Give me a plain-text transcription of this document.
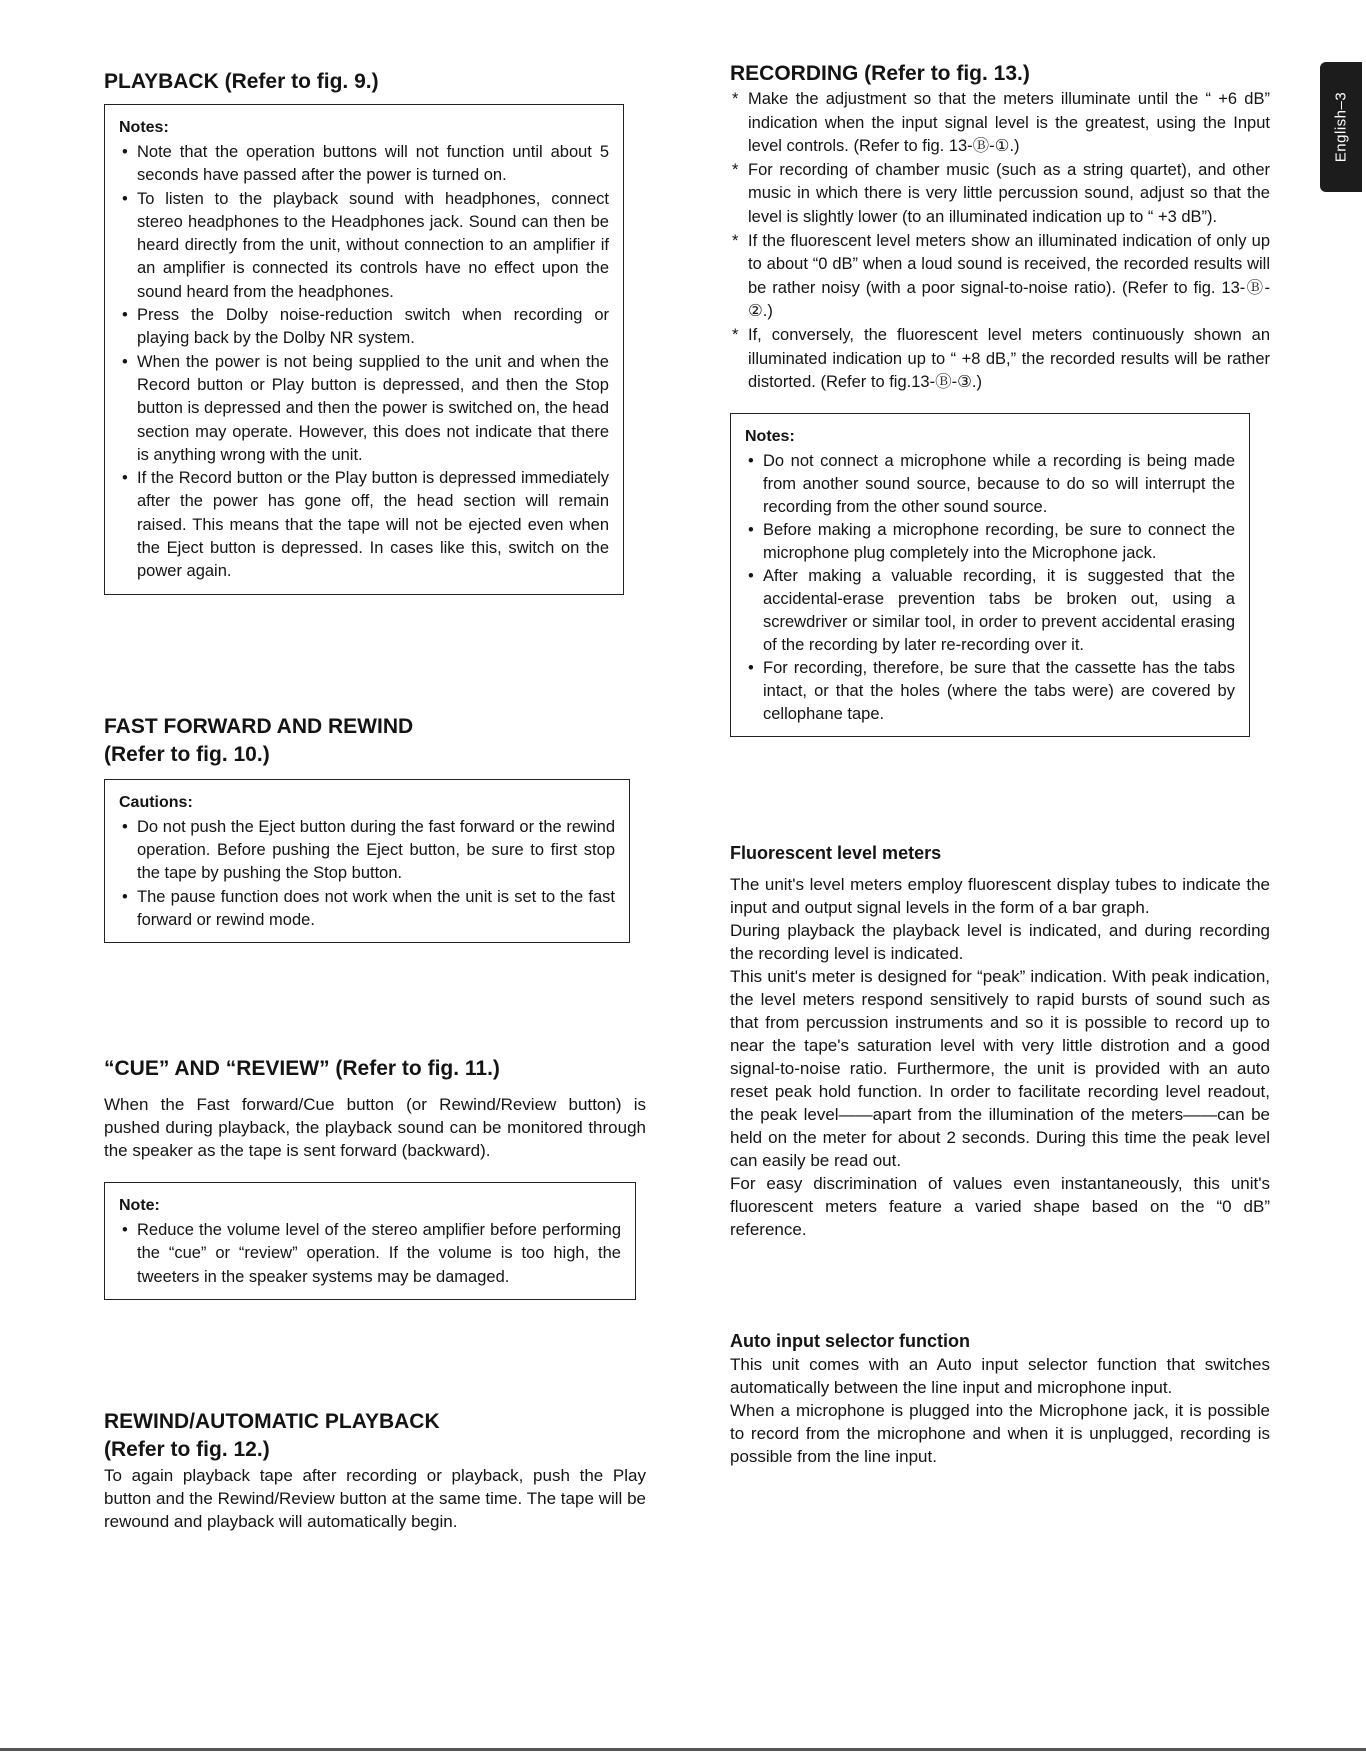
English–3
PLAYBACK (Refer to fig. 9.)
Notes:
• Note that the operation buttons will not function until about 5 seconds have passed after the power is turned on.
• To listen to the playback sound with headphones, connect stereo headphones to the Headphones jack. Sound can then be heard directly from the unit, without connection to an amplifier if an amplifier is connected its controls have no effect upon the sound heard from the headphones.
• Press the Dolby noise-reduction switch when recording or playing back by the Dolby NR system.
• When the power is not being supplied to the unit and when the Record button or Play button is depressed, and then the Stop button is depressed and then the power is switched on, the head section may operate. However, this does not indicate that there is anything wrong with the unit.
• If the Record button or the Play button is depressed immediately after the power has gone off, the head section will remain raised. This means that the tape will not be ejected even when the Eject button is depressed. In cases like this, switch on the power again.
FAST FORWARD AND REWIND
(Refer to fig. 10.)
Cautions:
• Do not push the Eject button during the fast forward or the rewind operation. Before pushing the Eject button, be sure to first stop the tape by pushing the Stop button.
• The pause function does not work when the unit is set to the fast forward or rewind mode.
“CUE” AND “REVIEW” (Refer to fig. 11.)

When the Fast forward/Cue button (or Rewind/Review button) is pushed during playback, the playback sound can be monitored through the speaker as the tape is sent forward (backward).

Note:
• Reduce the volume level of the stereo amplifier before performing the “cue” or “review” operation. If the volume is too high, the tweeters in the speaker systems may be damaged.
REWIND/AUTOMATIC PLAYBACK
(Refer to fig. 12.)

To again playback tape after recording or playback, push the Play button and the Rewind/Review button at the same time. The tape will be rewound and playback will automatically begin.

RECORDING (Refer to fig. 13.)
* Make the adjustment so that the meters illuminate until the “ +6 dB” indication when the input signal level is the greatest, using the Input level controls. (Refer to fig. 13-Ⓑ-①.)
* For recording of chamber music (such as a string quartet), and other music in which there is very little percussion sound, adjust so that the level is slightly lower (to an illuminated indication up to “ +3 dB”).
* If the fluorescent level meters show an illuminated indication of only up to about “0 dB” when a loud sound is received, the recorded results will be rather noisy (with a poor signal-to-noise ratio). (Refer to fig. 13-Ⓑ-②.)
* If, conversely, the fluorescent level meters continuously shown an illuminated indication up to “ +8 dB,” the recorded results will be rather distorted. (Refer to fig.13-Ⓑ-③.)
Notes:
• Do not connect a microphone while a recording is being made from another sound source, because to do so will interrupt the recording from the other sound source.
• Before making a microphone recording, be sure to connect the microphone plug completely into the Microphone jack.
• After making a valuable recording, it is suggested that the accidental-erase prevention tabs be broken out, using a screwdriver or similar tool, in order to prevent accidental erasing of the recording by later re-recording over it.
• For recording, therefore, be sure that the cassette has the tabs intact, or that the holes (where the tabs were) are covered by cellophane tape.
Fluorescent level meters

The unit's level meters employ fluorescent display tubes to indicate the input and output signal levels in the form of a bar graph.

During playback the playback level is indicated, and during recording the recording level is indicated.

This unit's meter is designed for “peak” indication. With peak indication, the level meters respond sensitively to rapid bursts of sound such as that from percussion instruments and so it is possible to record up to near the tape's saturation level with very little distrotion and a good signal-to-noise ratio. Furthermore, the unit is provided with an auto reset peak hold function. In order to facilitate recording level readout, the peak level——apart from the illumination of the meters——can be held on the meter for about 2 seconds. During this time the peak level can easily be read out.

For easy discrimination of values even instantaneously, this unit's fluorescent meters feature a varied shape based on the “0 dB” reference.

Auto input selector function

This unit comes with an Auto input selector function that switches automatically between the line input and microphone input.

When a microphone is plugged into the Microphone jack, it is possible to record from the microphone and when it is unplugged, recording is possible from the line input.
